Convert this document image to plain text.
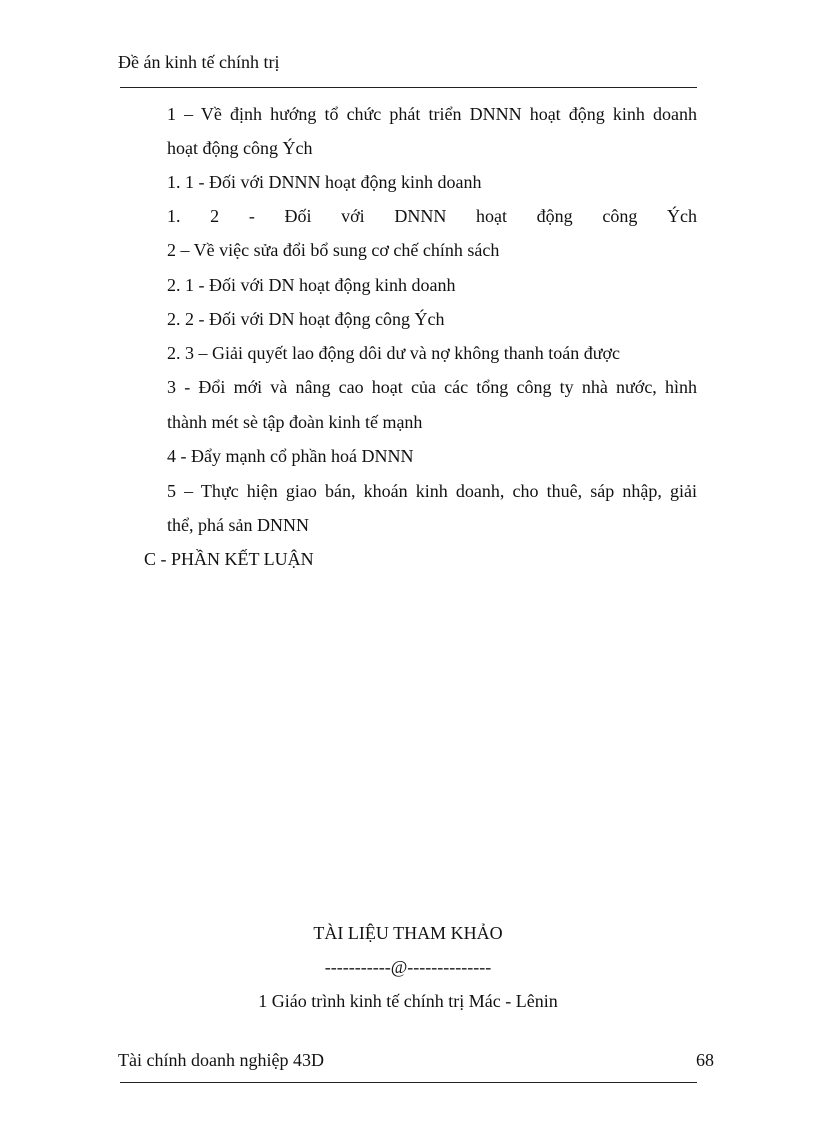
Đề án kinh tế chính trị
1 – Về định hướng tổ chức phát triển DNNN hoạt động kinh doanh
hoạt động công Ých
1. 1 - Đối với DNNN hoạt động kinh doanh
1. 2 - Đối với DNNN hoạt động công Ých
2 – Về việc sửa đổi bổ sung cơ chế chính sách
2. 1 - Đối với DN hoạt động kinh doanh
2. 2 - Đối với DN hoạt động công Ých
2. 3 – Giải quyết lao động dôi dư và nợ không thanh toán được
3 - Đổi mới và nâng cao hoạt của các tổng công ty nhà nước, hình
thành mét sè tập đoàn kinh tế mạnh
4 - Đẩy mạnh cổ phần hoá DNNN
5 – Thực hiện giao bán, khoán kinh doanh, cho thuê, sáp nhập, giải
thể, phá sản DNNN
C - PHẦN KẾT LUẬN
TÀI LIỆU THAM KHẢO
-----------@--------------
1 Giáo trình kinh tế chính trị Mác - Lênin
Tài chính doanh nghiệp 43D	68
